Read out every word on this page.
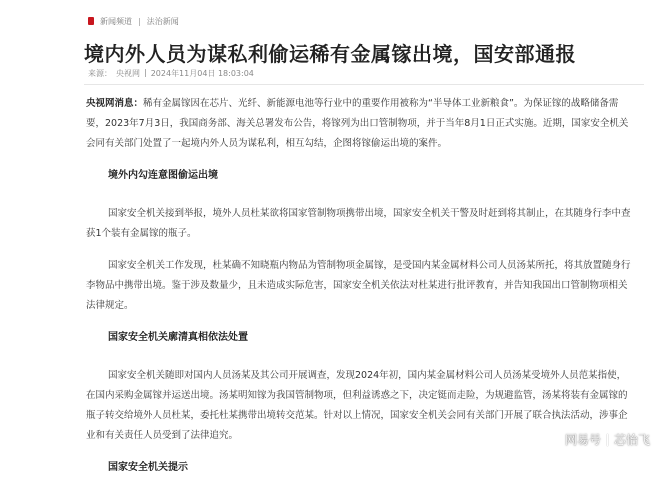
新闻频道 | 法治新闻
境内外人员为谋私利偷运稀有金属镓出境，国安部通报
来源： 央视网 | 2024年11月04日 18:03:04

央视网消息：稀有金属镓因在芯片、光纤、新能源电池等行业中的重要作用被称为“半导体工业新粮食”。为保证镓的战略储备需要，2023年7月3日，我国商务部、海关总署发布公告，将镓列为出口管制物项，并于当年8月1日正式实施。近期，国家安全机关会同有关部门处置了一起境内外人员为谋私利，相互勾结，企图将镓偷运出境的案件。

境外内勾连意图偷运出境

国家安全机关接到举报，境外人员杜某欲将国家管制物项携带出境，国家安全机关干警及时赶到将其制止，在其随身行李中查获1个装有金属镓的瓶子。

国家安全机关工作发现，杜某确不知晓瓶内物品为管制物项金属镓，是受国内某金属材料公司人员汤某所托，将其放置随身行李物品中携带出境。鉴于涉及数量少，且未造成实际危害，国家安全机关依法对杜某进行批评教育，并告知我国出口管制物项相关法律规定。

国家安全机关廓清真相依法处置

国家安全机关随即对国内人员汤某及其公司开展调查，发现2024年初，国内某金属材料公司人员汤某受境外人员范某指使，在国内采购金属镓并运送出境。汤某明知镓为我国管制物项，但利益诱惑之下，决定铤而走险，为规避监管，汤某将装有金属镓的瓶子转交给境外人员杜某，委托杜某携带出境转交范某。针对以上情况，国家安全机关会同有关部门开展了联合执法活动，涉事企业和有关责任人员受到了法律追究。

国家安全机关提示
网易号 芯怡飞
